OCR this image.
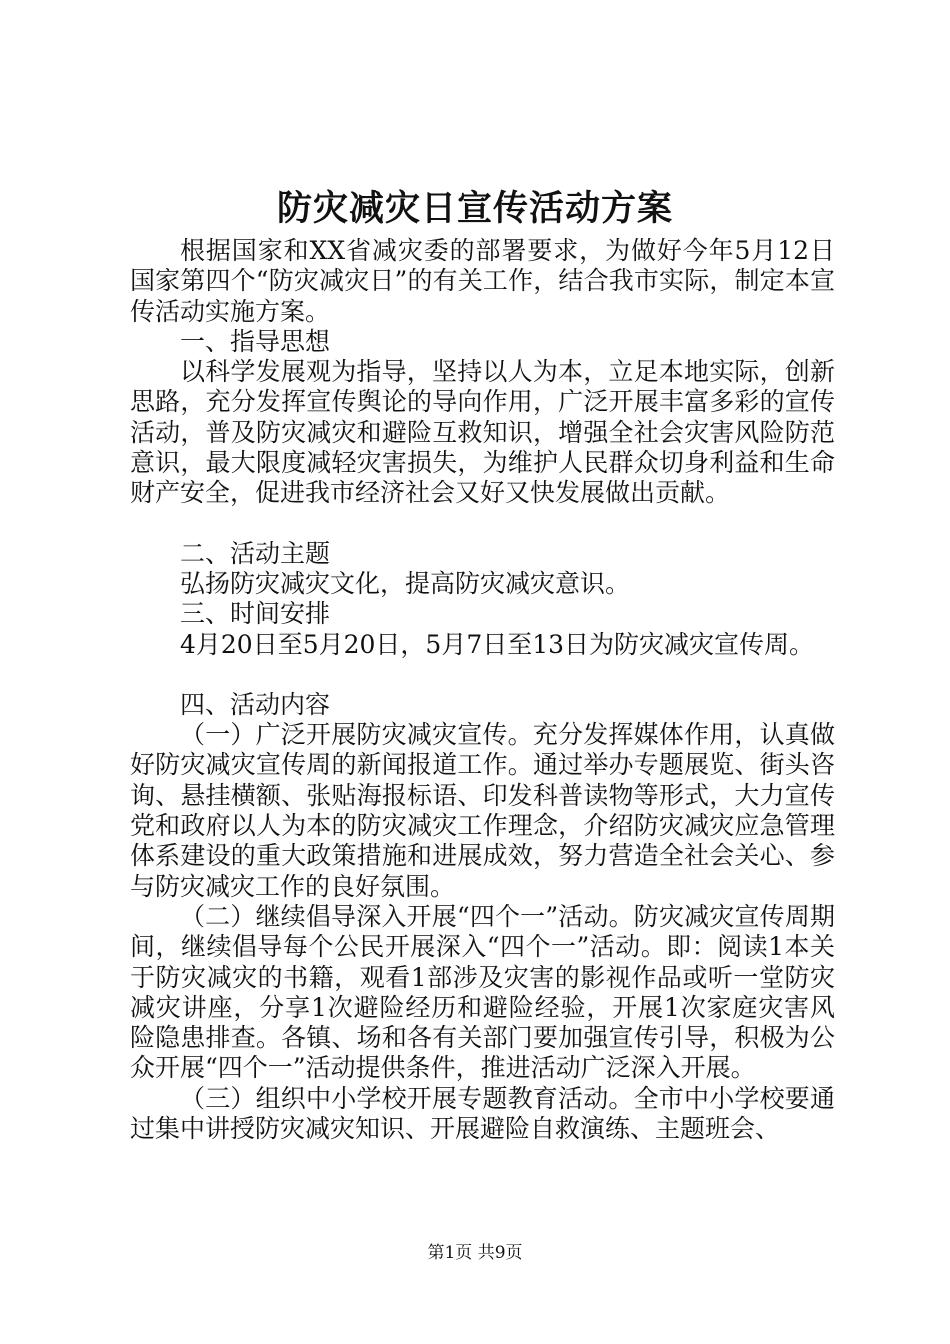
防灾减灾日宣传活动方案

根据国家和XX省减灾委的部署要求，为做好今年5月12日国家第四个“防灾减灾日”的有关工作，结合我市实际，制定本宣传活动实施方案。

一、指导思想

以科学发展观为指导，坚持以人为本，立足本地实际，创新思路，充分发挥宣传舆论的导向作用，广泛开展丰富多彩的宣传活动，普及防灾减灾和避险互救知识，增强全社会灾害风险防范意识，最大限度减轻灾害损失，为维护人民群众切身利益和生命财产安全，促进我市经济社会又好又快发展做出贡献。

二、活动主题

弘扬防灾减灾文化，提高防灾减灾意识。

三、时间安排

4月20日至5月20日，5月7日至13日为防灾减灾宣传周。

四、活动内容

（一）广泛开展防灾减灾宣传。充分发挥媒体作用，认真做好防灾减灾宣传周的新闻报道工作。通过举办专题展览、街头咨询、悬挂横额、张贴海报标语、印发科普读物等形式，大力宣传党和政府以人为本的防灾减灾工作理念，介绍防灾减灾应急管理体系建设的重大政策措施和进展成效，努力营造全社会关心、参与防灾减灾工作的良好氛围。

（二）继续倡导深入开展“四个一”活动。防灾减灾宣传周期间，继续倡导每个公民开展深入“四个一”活动。即：阅读1本关于防灾减灾的书籍，观看1部涉及灾害的影视作品或听一堂防灾减灾讲座，分享1次避险经历和避险经验，开展1次家庭灾害风险隐患排查。各镇、场和各有关部门要加强宣传引导，积极为公众开展“四个一”活动提供条件，推进活动广泛深入开展。

（三）组织中小学校开展专题教育活动。全市中小学校要通过集中讲授防灾减灾知识、开展避险自救演练、主题班会、

第1页 共9页
